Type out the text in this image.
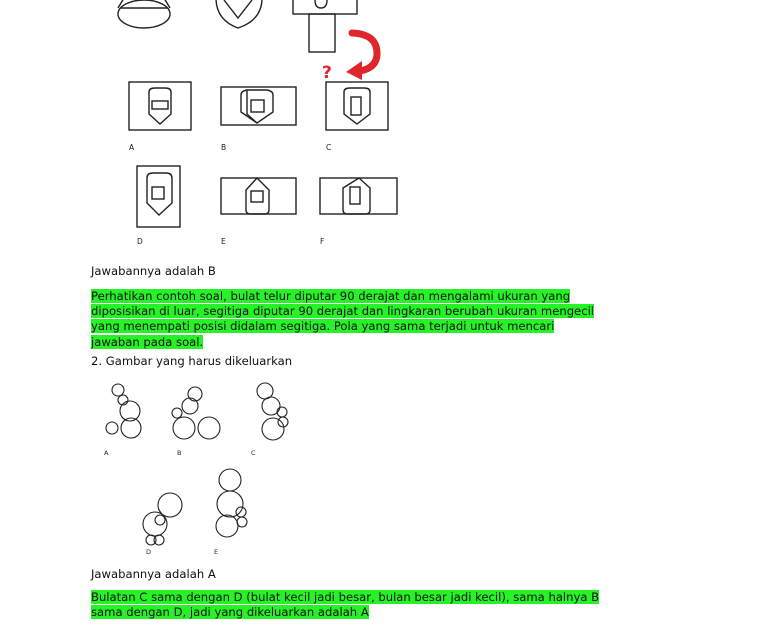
?
A	B	C
D	E	F
Jawabannya adalah B
Perhatikan contoh soal, bulat telur diputar 90 derajat dan mengalami ukuran yang
diposisikan di luar, segitiga diputar 90 derajat dan lingkaran berubah ukuran mengecil
yang menempati posisi didalam segitiga. Pola yang sama terjadi untuk mencari
jawaban pada soal.
2. Gambar yang harus dikeluarkan
A	B	C
D	E
Jawabannya adalah A
Bulatan C sama dengan D (bulat kecil jadi besar, bulan besar jadi kecil), sama halnya B
sama dengan D, jadi yang dikeluarkan adalah A
